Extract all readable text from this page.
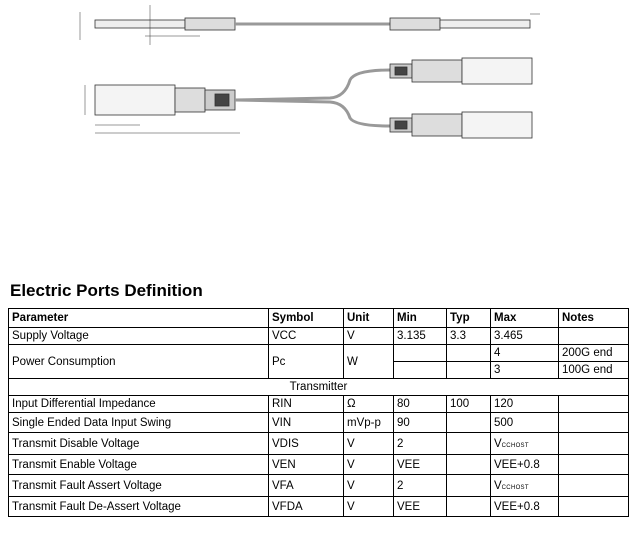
Electric Ports Definition
Parameter	Symbol	Unit	Min	Typ	Max	Notes
Supply Voltage	VCC	V	3.135	3.3	3.465	
Power Consumption	Pc	W			4	200G end
					3	100G end
Transmitter						
Input Differential Impedance	RIN	Ω	80	100	120	
Single Ended Data Input Swing	VIN	mVp-p	90		500	
Transmit Disable Voltage	VDIS	V	2		VCCHOST	
Transmit Enable Voltage	VEN	V	VEE		VEE+0.8	
Transmit Fault Assert Voltage	VFA	V	2		VCCHOST	
Transmit Fault De-Assert Voltage	VFDA	V	VEE		VEE+0.8	
